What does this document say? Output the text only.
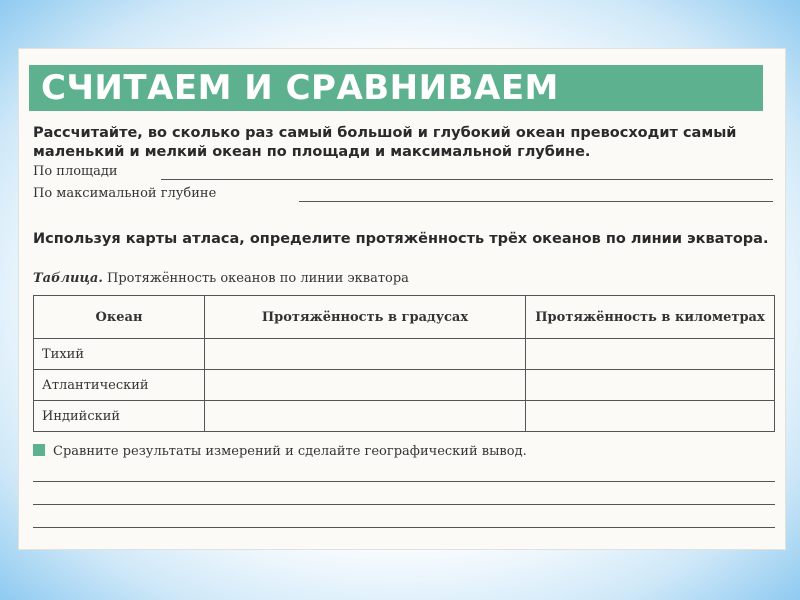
СЧИТАЕМ И СРАВНИВАЕМ
Рассчитайте, во сколько раз самый большой и глубокий океан превосходит самый маленький и мелкий океан по площади и максимальной глубине.
По площади
По максимальной глубине
Используя карты атласа, определите протяжённость трёх океанов по линии экватора.
Таблица. Протяжённость океанов по линии экватора
Океан	Протяжённость в градусах	Протяжённость в километрах
Тихий		
Атлантический		
Индийский		
Сравните результаты измерений и сделайте географический вывод.
